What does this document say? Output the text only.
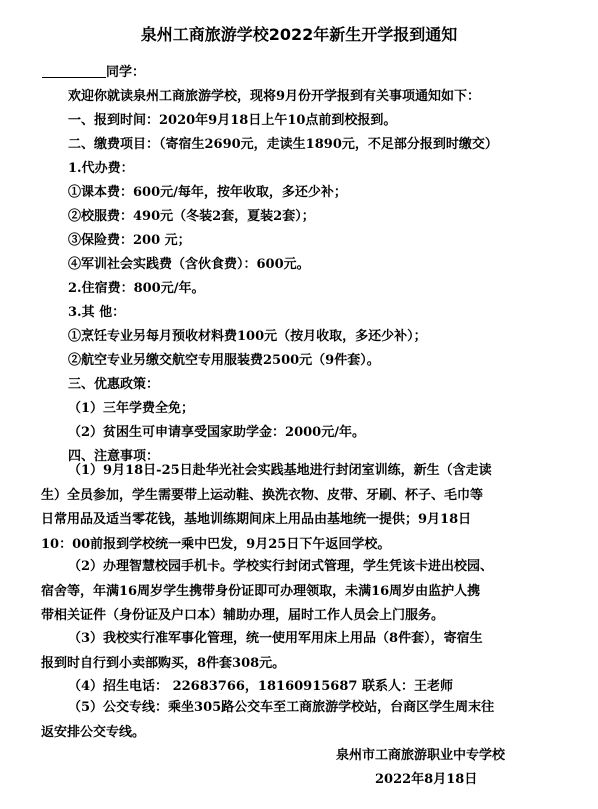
泉州工商旅游学校2022年新生开学报到通知
同学：
欢迎你就读泉州工商旅游学校，现将9月份开学报到有关事项通知如下：
一、报到时间：2020年9月18日上午10点前到校报到。
二、缴费项目：（寄宿生2690元，走读生1890元，不足部分报到时缴交）
1.代办费：
①课本费：600元/每年，按年收取，多还少补；
②校服费：490元（冬装2套，夏装2套）；
③保险费：200 元；
④军训社会实践费（含伙食费）：600元。
2.住宿费：800元/年。
3.其 他：
①烹饪专业另每月预收材料费100元（按月收取，多还少补）；
②航空专业另缴交航空专用服装费2500元（9件套）。
三、优惠政策：
（1）三年学费全免；
（2）贫困生可申请享受国家助学金：2000元/年。
四、注意事项：
（1）9月18日-25日赴华光社会实践基地进行封闭室训练，新生（含走读
生）全员参加，学生需要带上运动鞋、换洗衣物、皮带、牙刷、杯子、毛巾等
日常用品及适当零花钱，基地训练期间床上用品由基地统一提供；9月18日
10：00前报到学校统一乘中巴发，9月25日下午返回学校。
（2）办理智慧校园手机卡。学校实行封闭式管理，学生凭该卡进出校园、
宿舍等，年满16周岁学生携带身份证即可办理领取，未满16周岁由监护人携
带相关证件（身份证及户口本）辅助办理，届时工作人员会上门服务。
（3）我校实行准军事化管理，统一使用军用床上用品（8件套），寄宿生
报到时自行到小卖部购买，8件套308元。
（4）招生电话： 22683766，18160915687 联系人：王老师
（5）公交专线：乘坐305路公交车至工商旅游学校站，台商区学生周末往
返安排公交专线。
泉州市工商旅游职业中专学校
2022年8月18日
